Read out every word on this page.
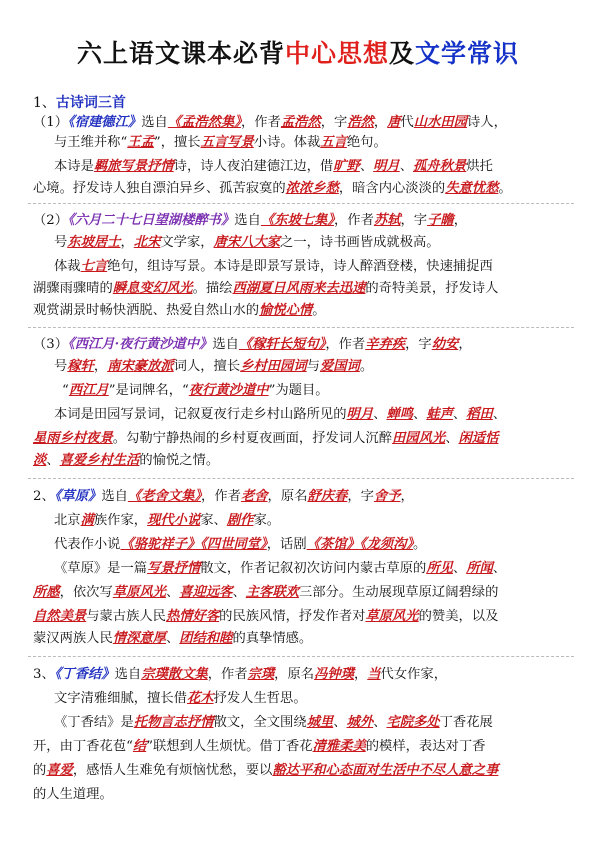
六上语文课本必背中心思想及文学常识
1、古诗词三首
（1）《宿建德江》选自《孟浩然集》，作者孟浩然，字浩然，唐代山水田园诗人，
与王维并称“王孟”，擅长五言写景小诗。体裁五言绝句。
本诗是羁旅写景抒情诗，诗人夜泊建德江边，借旷野、明月、孤舟秋景烘托
心境。抒发诗人独自漂泊异乡、孤苦寂寞的浓浓乡愁，暗含内心淡淡的失意忧愁。
（2）《六月二十七日望湖楼醉书》选自《东坡七集》，作者苏轼，字子瞻，
号东坡居士，北宋文学家，唐宋八大家之一，诗书画皆成就极高。
体裁七言绝句，组诗写景。本诗是即景写景诗，诗人醉酒登楼，快速捕捉西
湖骤雨骤晴的瞬息变幻风光。描绘西湖夏日风雨来去迅速的奇特美景，抒发诗人
观赏湖景时畅快洒脱、热爱自然山水的愉悦心情。
（3）《西江月·夜行黄沙道中》选自《稼轩长短句》，作者辛弃疾，字幼安，
号稼轩，南宋豪放派词人，擅长乡村田园词与爱国词。
“西江月”是词牌名，“夜行黄沙道中”为题目。
本词是田园写景词，记叙夏夜行走乡村山路所见的明月、蝉鸣、蛙声、稻田、
星雨乡村夜景。勾勒宁静热闹的乡村夏夜画面，抒发词人沉醉田园风光、闲适恬
淡、喜爱乡村生活的愉悦之情。
2、《草原》选自《老舍文集》，作者老舍，原名舒庆春，字舍予，
北京满族作家，现代小说家、剧作家。
代表作小说《骆驼祥子》《四世同堂》，话剧《茶馆》《龙须沟》。
《草原》是一篇写景抒情散文，作者记叙初次访问内蒙古草原的所见、所闻、
所感，依次写草原风光、喜迎远客、主客联欢三部分。生动展现草原辽阔碧绿的
自然美景与蒙古族人民热情好客的民族风情，抒发作者对草原风光的赞美，以及
蒙汉两族人民情深意厚、团结和睦的真挚情感。
3、《丁香结》选自宗璞散文集，作者宗璞，原名冯钟璞，当代女作家，
文字清雅细腻，擅长借花木抒发人生哲思。
《丁香结》是托物言志抒情散文，全文围绕城里、城外、宅院多处丁香花展
开，由丁香花苞“结”联想到人生烦忧。借丁香花清雅柔美的模样，表达对丁香
的喜爱，感悟人生难免有烦恼忧愁，要以豁达平和心态面对生活中不尽人意之事
的人生道理。
